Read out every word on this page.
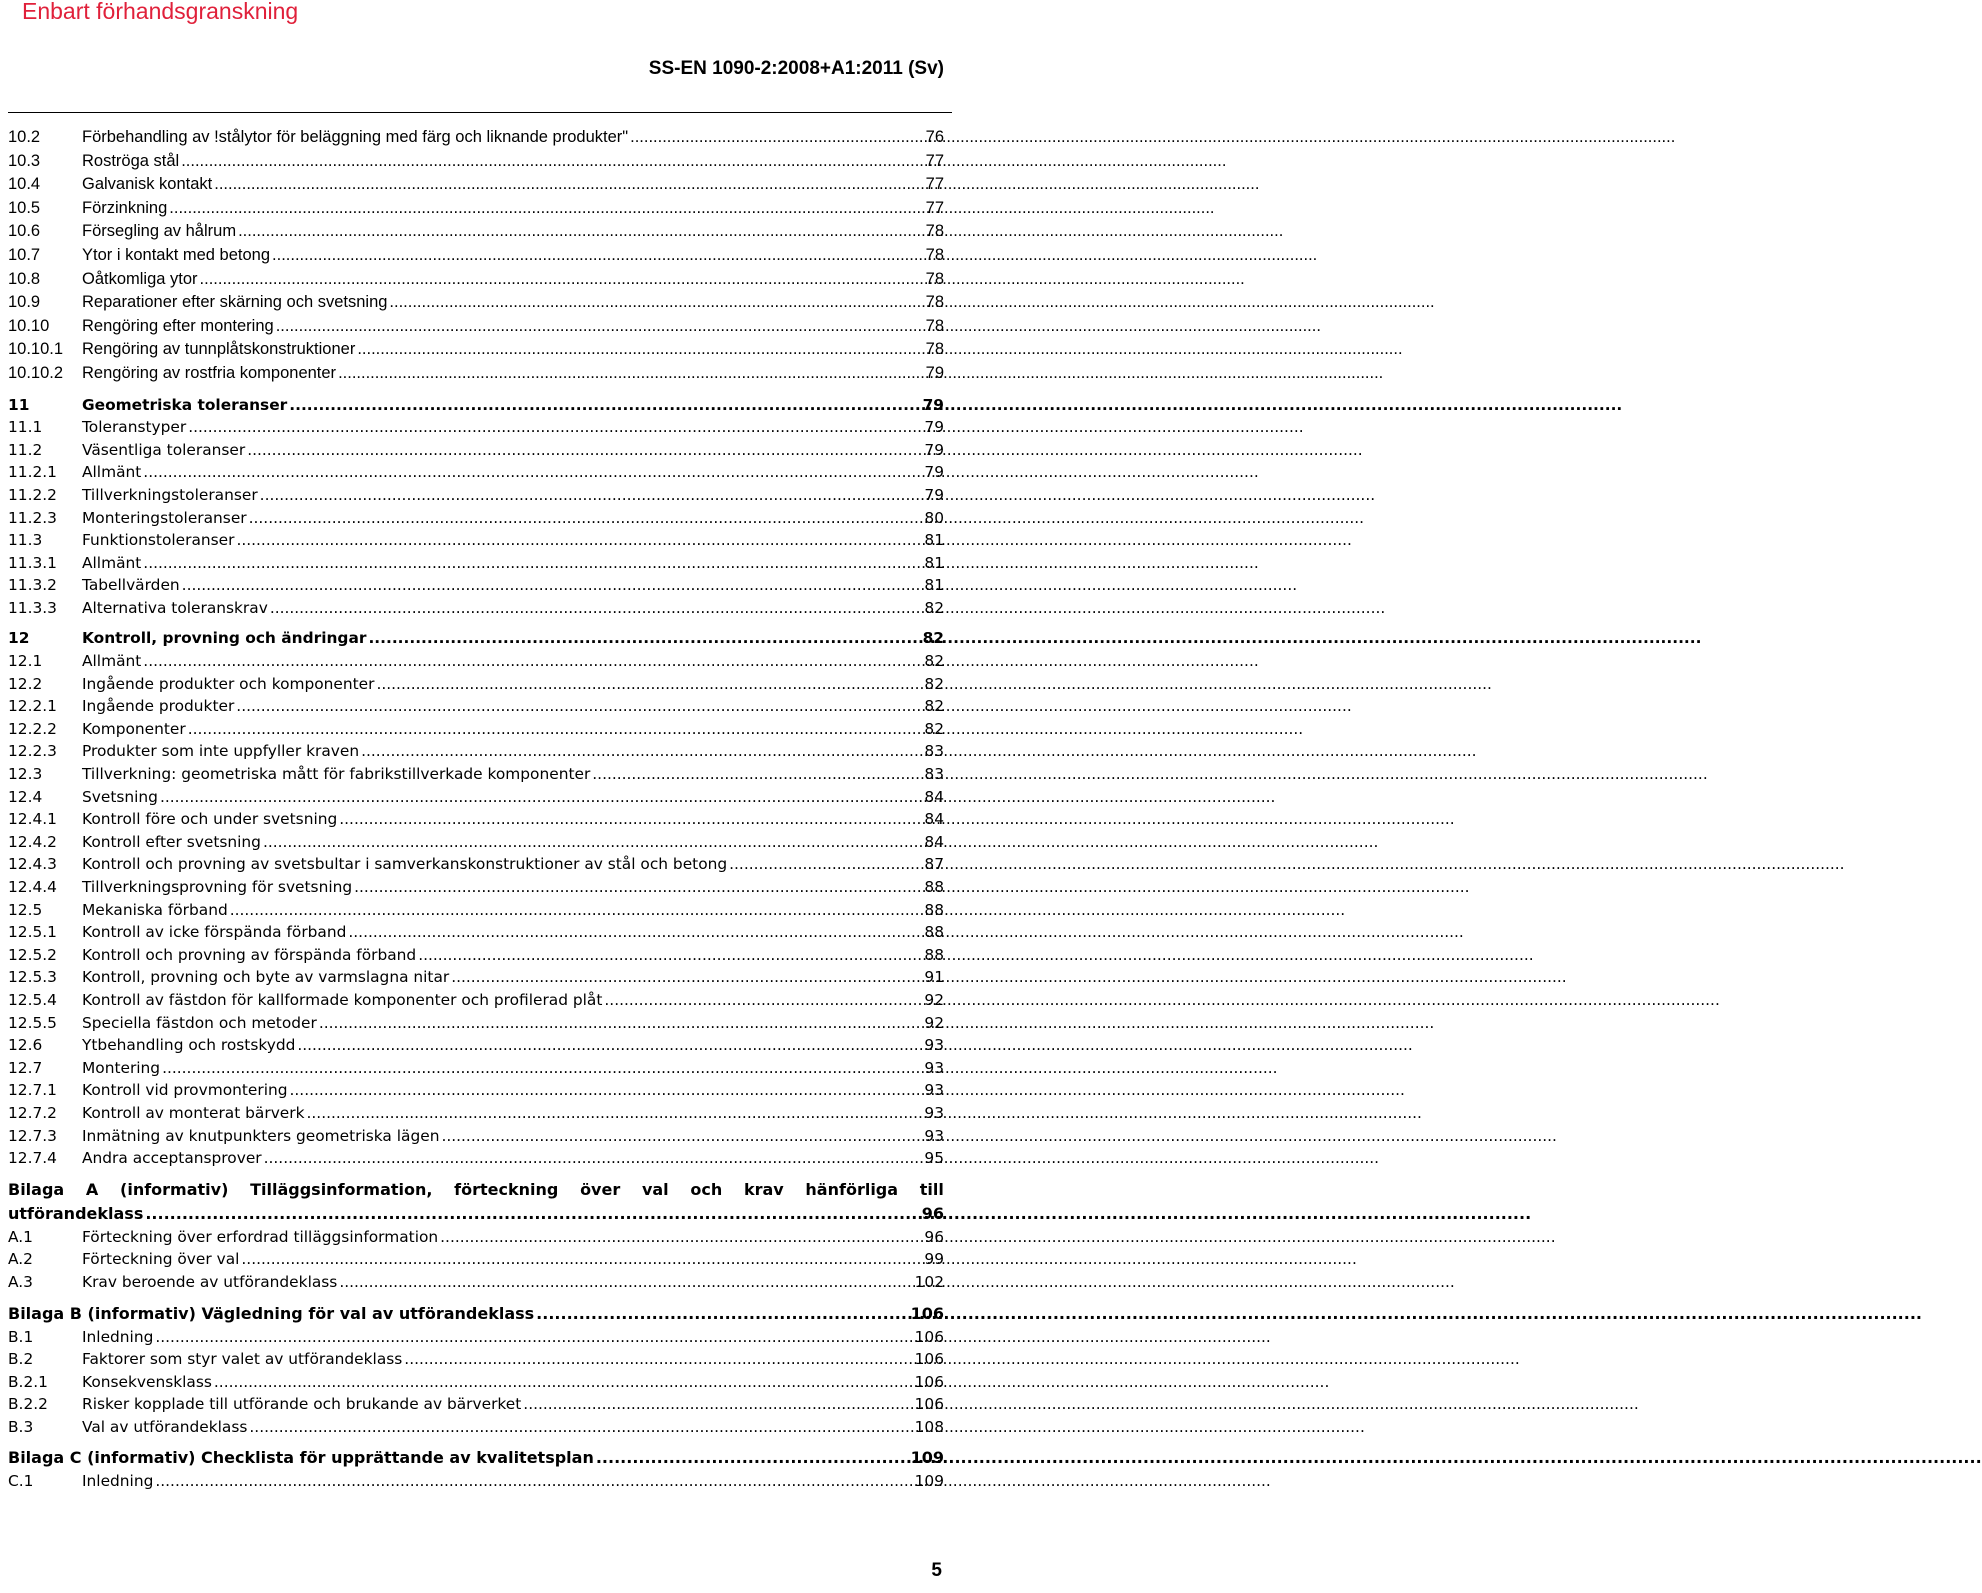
Enbart förhandsgranskning
SS-EN 1090-2:2008+A1:2011 (Sv)
10.2	Förbehandling av !stålytor för beläggning med färg och liknande produkter" .....	76
10.3	Roströga stål .....	77
10.4	Galvanisk kontakt .....	77
10.5	Förzinkning .....	77
10.6	Försegling av hålrum .....	78
10.7	Ytor i kontakt med betong .....	78
10.8	Oåtkomliga ytor .....	78
10.9	Reparationer efter skärning och svetsning .....	78
10.10	Rengöring efter montering .....	78
10.10.1	Rengöring av tunnplåtskonstruktioner .....	78
10.10.2	Rengöring av rostfria komponenter .....	79
11	Geometriska toleranser .....	79
11.1	Toleranstyper .....	79
11.2	Väsentliga toleranser .....	79
11.2.1	Allmänt .....	79
11.2.2	Tillverkningstoleranser .....	79
11.2.3	Monteringstoleranser .....	80
11.3	Funktionstoleranser .....	81
11.3.1	Allmänt .....	81
11.3.2	Tabellvärden .....	81
11.3.3	Alternativa toleranskrav .....	82
12	Kontroll, provning och ändringar .....	82
12.1	Allmänt .....	82
12.2	Ingående produkter och komponenter .....	82
12.2.1	Ingående produkter .....	82
12.2.2	Komponenter .....	82
12.2.3	Produkter som inte uppfyller kraven .....	83
12.3	Tillverkning: geometriska mått för fabrikstillverkade komponenter .....	83
12.4	Svetsning .....	84
12.4.1	Kontroll före och under svetsning .....	84
12.4.2	Kontroll efter svetsning .....	84
12.4.3	Kontroll och provning av svetsbultar i samverkanskonstruktioner av stål och betong .....	87
12.4.4	Tillverkningsprovning för svetsning .....	88
12.5	Mekaniska förband .....	88
12.5.1	Kontroll av icke förspända förband .....	88
12.5.2	Kontroll och provning av förspända förband .....	88
12.5.3	Kontroll, provning och byte av varmslagna nitar .....	91
12.5.4	Kontroll av fästdon för kallformade komponenter och profilerad plåt .....	92
12.5.5	Speciella fästdon och metoder .....	92
12.6	Ytbehandling och rostskydd .....	93
12.7	Montering .....	93
12.7.1	Kontroll vid provmontering .....	93
12.7.2	Kontroll av monterat bärverk .....	93
12.7.3	Inmätning av knutpunkters geometriska lägen .....	93
12.7.4	Andra acceptansprover .....	95
Bilaga A (informativ) Tilläggsinformation, förteckning över val och krav hänförliga till
utförandeklass .....	96
A.1	Förteckning över erfordrad tilläggsinformation .....	96
A.2	Förteckning över val .....	99
A.3	Krav beroende av utförandeklass .....	102
Bilaga B (informativ) Vägledning för val av utförandeklass .....	106
B.1	Inledning .....	106
B.2	Faktorer som styr valet av utförandeklass .....	106
B.2.1	Konsekvensklass .....	106
B.2.2	Risker kopplade till utförande och brukande av bärverket .....	106
B.3	Val av utförandeklass .....	108
Bilaga C (informativ) Checklista för upprättande av kvalitetsplan .....	109
C.1	Inledning .....	109
5
